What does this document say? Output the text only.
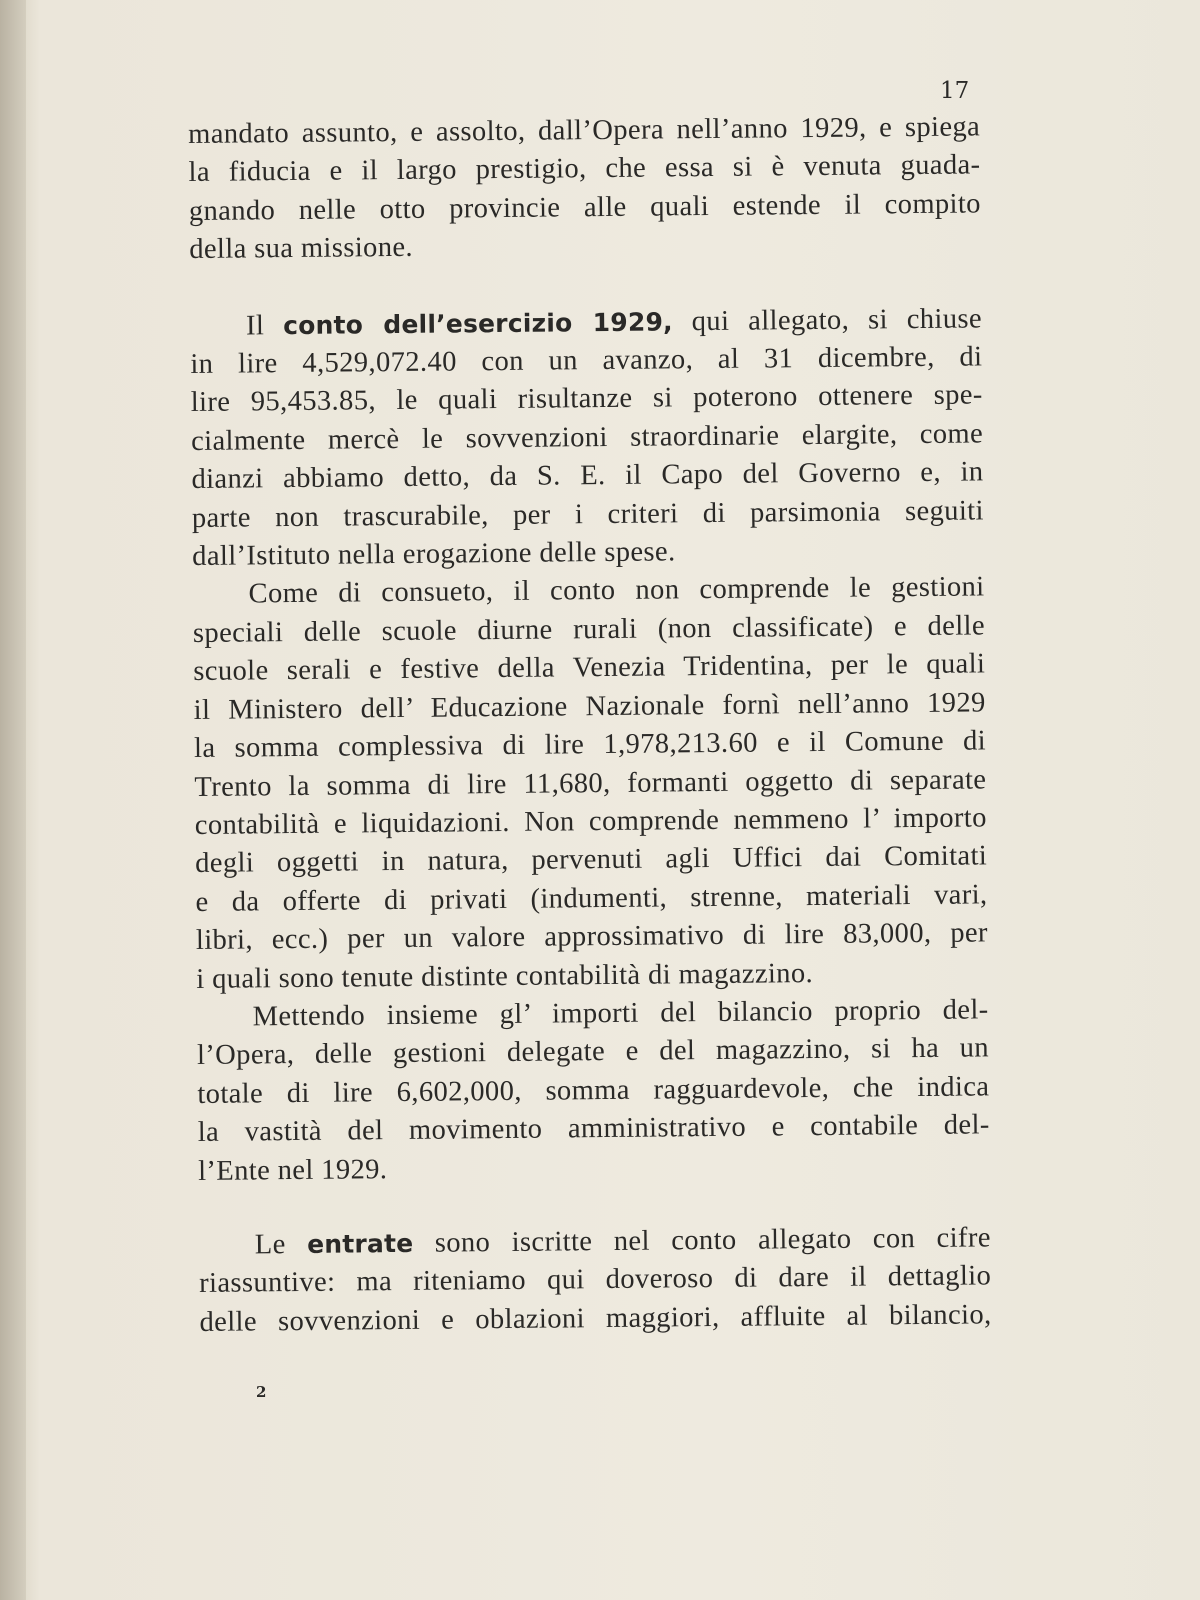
17
mandato assunto, e assolto, dall’Opera nell’anno 1929, e spiega
la fiducia e il largo prestigio, che essa si è venuta guada-
gnando nelle otto provincie alle quali estende il compito
della sua missione.
Il conto dell’esercizio 1929, qui allegato, si chiuse
in lire 4,529,072.40 con un avanzo, al 31 dicembre, di
lire 95,453.85, le quali risultanze si poterono ottenere spe-
cialmente mercè le sovvenzioni straordinarie elargite, come
dianzi abbiamo detto, da S. E. il Capo del Governo e, in
parte non trascurabile, per i criteri di parsimonia seguiti
dall’Istituto nella erogazione delle spese.
Come di consueto, il conto non comprende le gestioni
speciali delle scuole diurne rurali (non classificate) e delle
scuole serali e festive della Venezia Tridentina, per le quali
il Ministero dell’ Educazione Nazionale fornì nell’anno 1929
la somma complessiva di lire 1,978,213.60 e il Comune di
Trento la somma di lire 11,680, formanti oggetto di separate
contabilità e liquidazioni. Non comprende nemmeno l’ importo
degli oggetti in natura, pervenuti agli Uffici dai Comitati
e da offerte di privati (indumenti, strenne, materiali vari,
libri, ecc.) per un valore approssimativo di lire 83,000, per
i quali sono tenute distinte contabilità di magazzino.
Mettendo insieme gl’ importi del bilancio proprio del-
l’Opera, delle gestioni delegate e del magazzino, si ha un
totale di lire 6,602,000, somma ragguardevole, che indica
la vastità del movimento amministrativo e contabile del-
l’Ente nel 1929.
Le entrate sono iscritte nel conto allegato con cifre
riassuntive: ma riteniamo qui doveroso di dare il dettaglio
delle sovvenzioni e oblazioni maggiori, affluite al bilancio,
2
